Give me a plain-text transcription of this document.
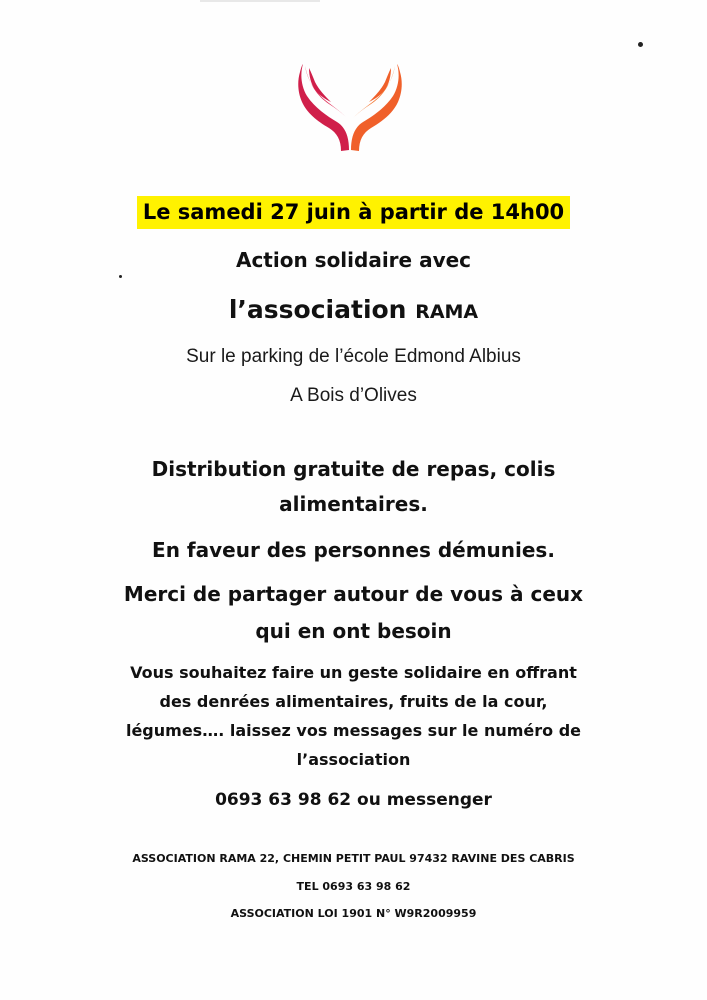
Le samedi 27 juin à partir de 14h00
Action solidaire avec
l’association RAMA
Sur le parking de l’école Edmond Albius
A Bois d’Olives
Distribution gratuite de repas, colis
alimentaires.
En faveur des personnes démunies.
Merci de partager autour de vous à ceux
qui en ont besoin
Vous souhaitez faire un geste solidaire en offrant
des denrées alimentaires, fruits de la cour,
légumes…. laissez vos messages sur le numéro de
l’association
0693 63 98 62 ou messenger
ASSOCIATION RAMA 22, CHEMIN PETIT PAUL 97432 RAVINE DES CABRIS
TEL 0693 63 98 62
ASSOCIATION LOI 1901 N° W9R2009959
